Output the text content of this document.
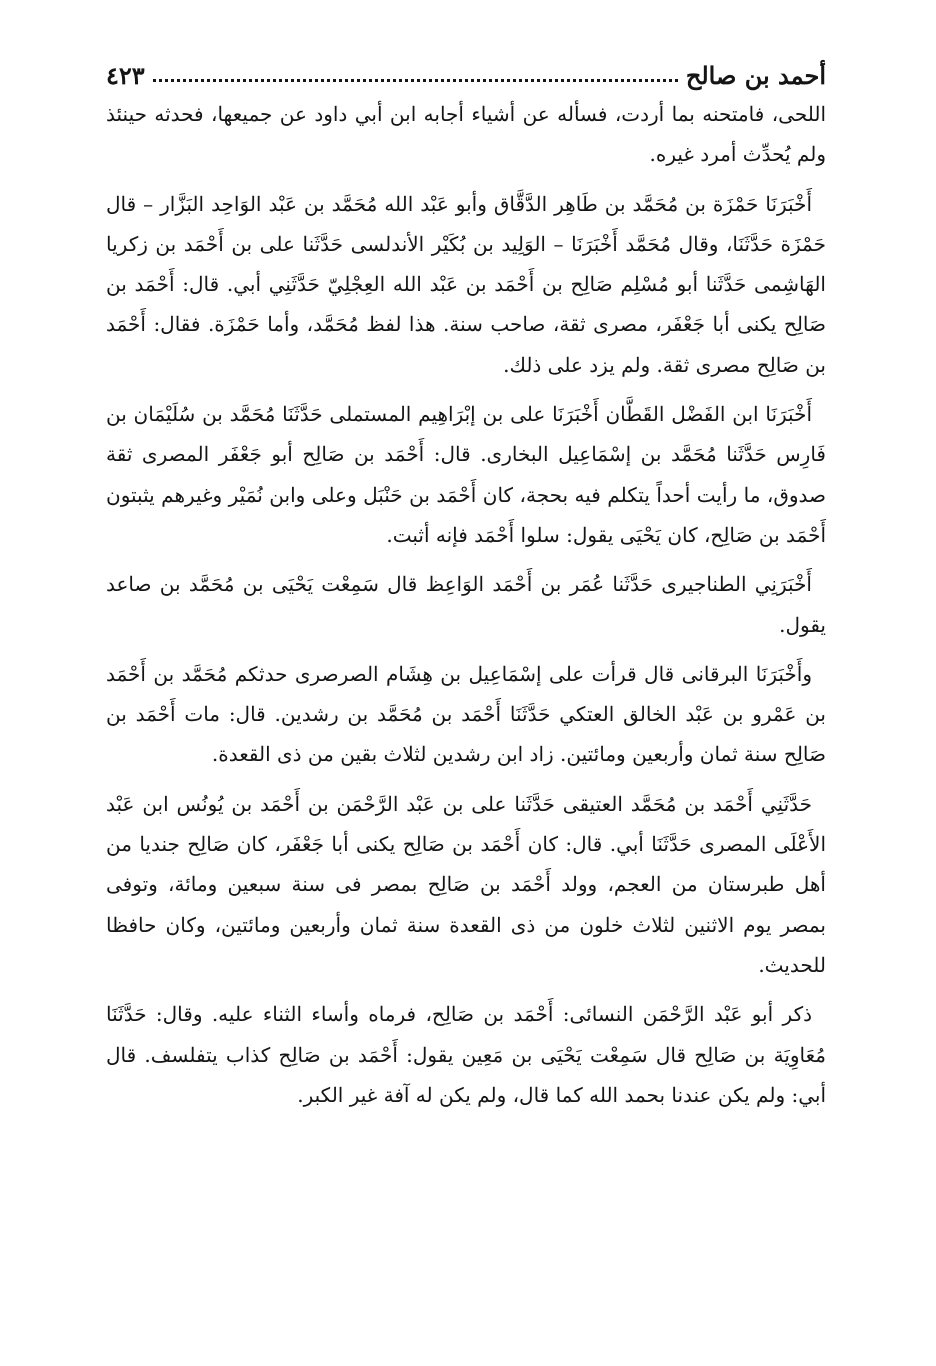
أحمد بن صالح
٤٢٣

اللحى، فامتحنه بما أردت، فسأله عن أشياء أجابه ابن أبي داود عن جميعها، فحدثه حينئذ ولم يُحدِّث أمرد غيره.

أَخْبَرَنَا حَمْزَة بن مُحَمَّد بن طَاهِر الدَّقَّاق وأبو عَبْد الله مُحَمَّد بن عَبْد الوَاحِد البَزَّار – قال حَمْزَة حَدَّثَنَا، وقال مُحَمَّد أَخْبَرَنَا – الوَلِيد بن بُكَيْر الأندلسى حَدَّثَنا على بن أَحْمَد بن زكريا الهَاشِمى حَدَّثَنا أبو مُسْلِم صَالِح بن أَحْمَد بن عَبْد الله العِجْلِيّ حَدَّثَنِي أبي. قال: أَحْمَد بن صَالِح يكنى أبا جَعْفَر، مصرى ثقة، صاحب سنة. هذا لفظ مُحَمَّد، وأما حَمْزَة. فقال: أَحْمَد بن صَالِح مصرى ثقة. ولم يزد على ذلك.

أَخْبَرَنَا ابن الفَضْل القَطَّان أَخْبَرَنَا على بن إبْرَاهِيم المستملى حَدَّثَنَا مُحَمَّد بن سُلَيْمَان بن فَارِس حَدَّثَنا مُحَمَّد بن إسْمَاعِيل البخارى. قال: أَحْمَد بن صَالِح أبو جَعْفَر المصرى ثقة صدوق، ما رأيت أحداً يتكلم فيه بحجة، كان أَحْمَد بن حَنْبَل وعلى وابن نُمَيْر وغيرهم يثبتون أَحْمَد بن صَالِح، كان يَحْيَى يقول: سلوا أَحْمَد فإنه أثبت.

أَخْبَرَنِي الطناجيرى حَدَّثَنا عُمَر بن أَحْمَد الوَاعِظ قال سَمِعْت يَحْيَى بن مُحَمَّد بن صاعد يقول.

وأَخْبَرَنَا البرقانى قال قرأت على إسْمَاعِيل بن هِشَام الصرصرى حدثكم مُحَمَّد بن أَحْمَد بن عَمْرو بن عَبْد الخالق العتكي حَدَّثَنَا أَحْمَد بن مُحَمَّد بن رشدين. قال: مات أَحْمَد بن صَالِح سنة ثمان وأربعين ومائتين. زاد ابن رشدين لثلاث بقين من ذى القعدة.

حَدَّثَنِي أَحْمَد بن مُحَمَّد العتيقى حَدَّثَنا على بن عَبْد الرَّحْمَن بن أَحْمَد بن يُونُس ابن عَبْد الأَعْلَى المصرى حَدَّثَنَا أبي. قال: كان أَحْمَد بن صَالِح يكنى أبا جَعْفَر، كان صَالِح جنديا من أهل طبرستان من العجم، وولد أَحْمَد بن صَالِح بمصر فى سنة سبعين ومائة، وتوفى بمصر يوم الاثنين لثلاث خلون من ذى القعدة سنة ثمان وأربعين ومائتين، وكان حافظا للحديث.

ذكر أبو عَبْد الرَّحْمَن النسائى: أَحْمَد بن صَالِح، فرماه وأساء الثناء عليه. وقال: حَدَّثَنَا مُعَاوِيَة بن صَالِح قال سَمِعْت يَحْيَى بن مَعِين يقول: أَحْمَد بن صَالِح كذاب يتفلسف. قال أبي: ولم يكن عندنا بحمد الله كما قال، ولم يكن له آفة غير الكبر.
